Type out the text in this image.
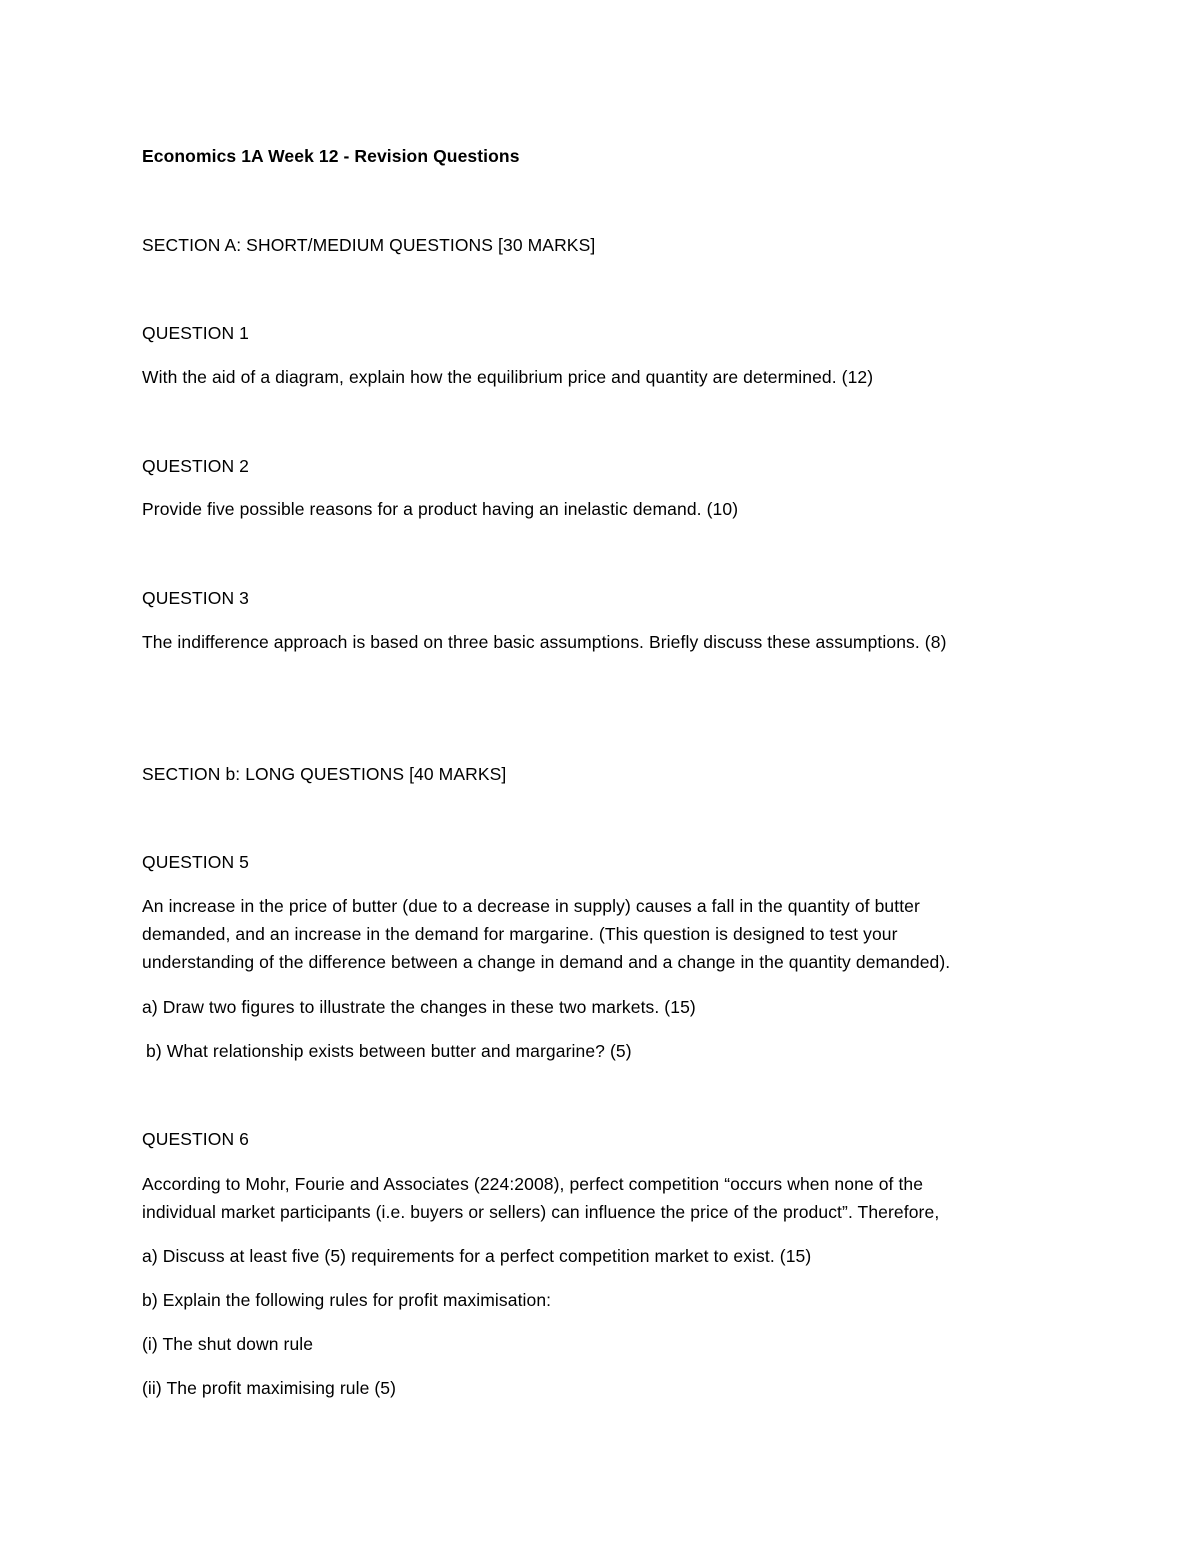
Economics 1A Week 12 - Revision Questions
SECTION A: SHORT/MEDIUM QUESTIONS [30 MARKS]
QUESTION 1
With the aid of a diagram, explain how the equilibrium price and quantity are determined. (12)
QUESTION 2
Provide five possible reasons for a product having an inelastic demand. (10)
QUESTION 3
The indifference approach is based on three basic assumptions. Briefly discuss these assumptions. (8)
SECTION b: LONG QUESTIONS [40 MARKS]
QUESTION 5
An increase in the price of butter (due to a decrease in supply) causes a fall in the quantity of butter
demanded, and an increase in the demand for margarine. (This question is designed to test your
understanding of the difference between a change in demand and a change in the quantity demanded).
a) Draw two figures to illustrate the changes in these two markets. (15)
b) What relationship exists between butter and margarine? (5)
QUESTION 6
According to Mohr, Fourie and Associates (224:2008), perfect competition “occurs when none of the
individual market participants (i.e. buyers or sellers) can influence the price of the product”. Therefore,
a) Discuss at least five (5) requirements for a perfect competition market to exist. (15)
b) Explain the following rules for profit maximisation:
(i) The shut down rule
(ii) The profit maximising rule (5)
